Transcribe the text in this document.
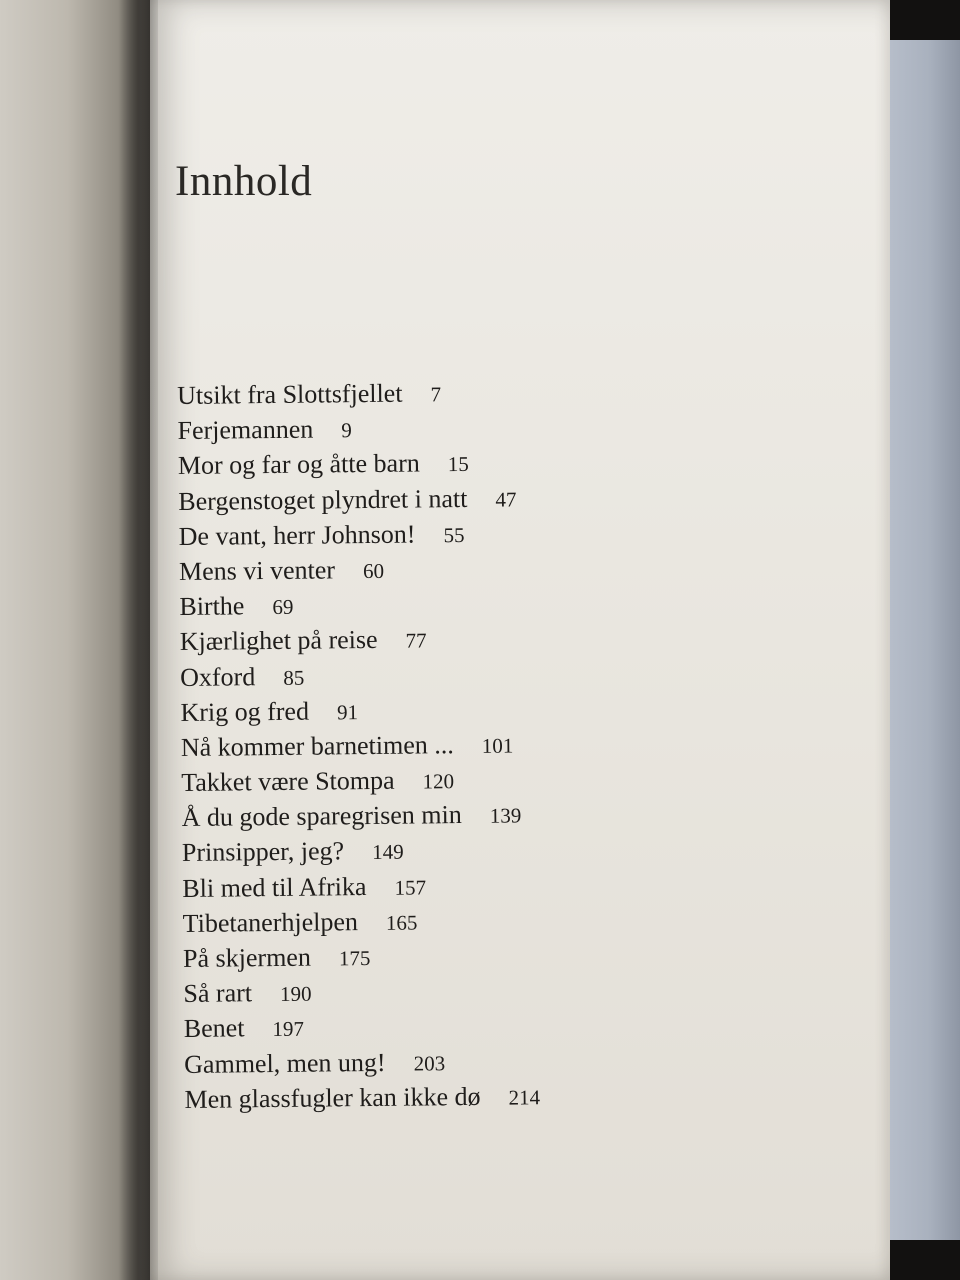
Innhold
Utsikt fra Slottsfjellet 7
Ferjemannen 9
Mor og far og åtte barn 15
Bergenstoget plyndret i natt 47
De vant, herr Johnson! 55
Mens vi venter 60
Birthe 69
Kjærlighet på reise 77
Oxford 85
Krig og fred 91
Nå kommer barnetimen ... 101
Takket være Stompa 120
Å du gode sparegrisen min 139
Prinsipper, jeg? 149
Bli med til Afrika 157
Tibetanerhjelpen 165
På skjermen 175
Så rart 190
Benet 197
Gammel, men ung! 203
Men glassfugler kan ikke dø 214
